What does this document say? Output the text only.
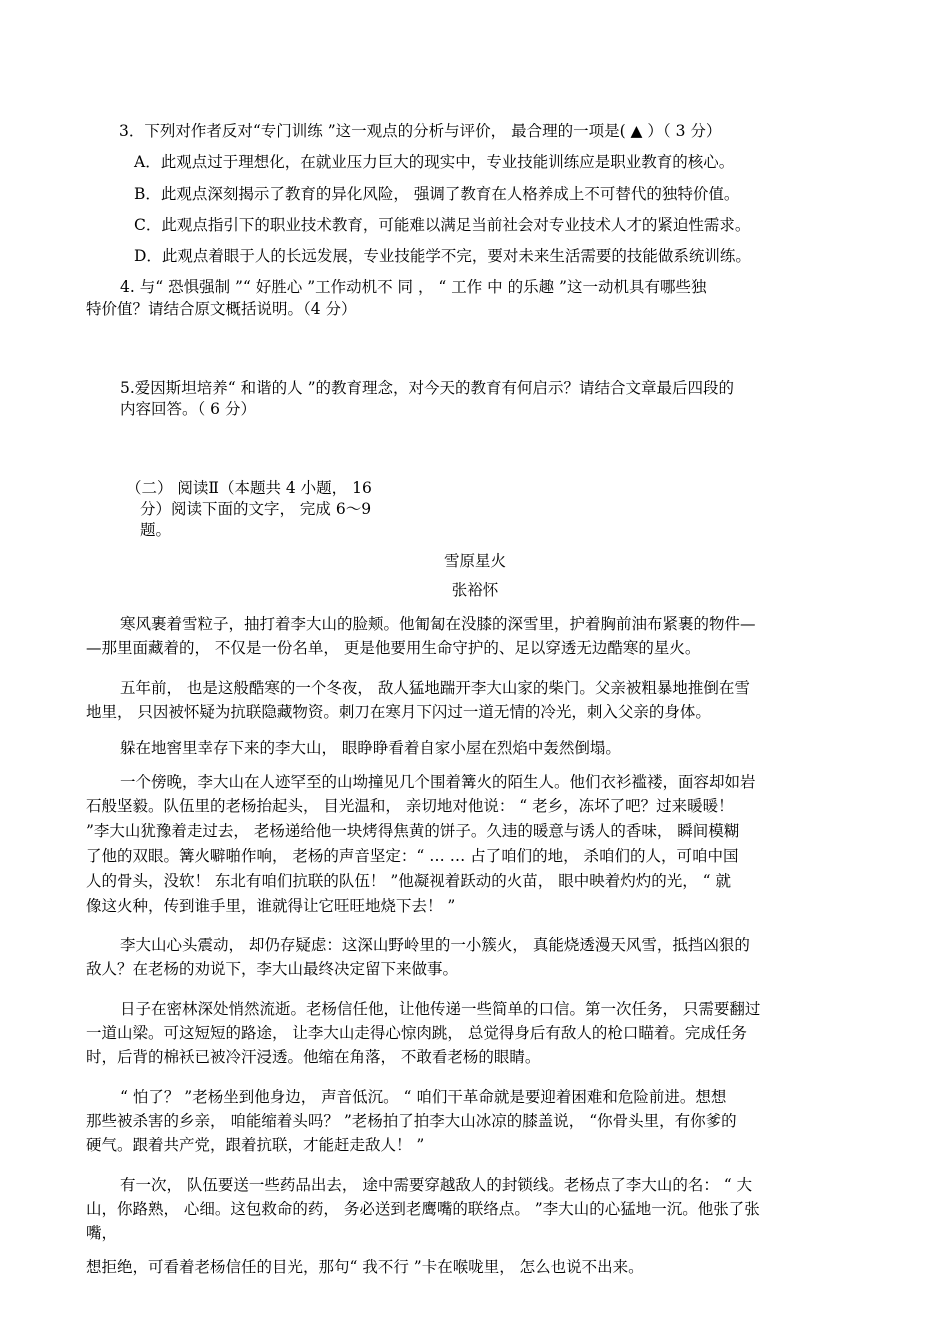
3．下列对作者反对“专门训练 ”这一观点的分析与评价， 最合理的一项是( ▲ ）（ 3 分）
A．此观点过于理想化，在就业压力巨大的现实中，专业技能训练应是职业教育的核心。
B．此观点深刻揭示了教育的异化风险， 强调了教育在人格养成上不可替代的独特价值。
C．此观点指引下的职业技术教育，可能难以满足当前社会对专业技术人才的紧迫性需求。
D．此观点着眼于人的长远发展，专业技能学不完，要对未来生活需要的技能做系统训练。
4. 与“ 恐惧强制 ”“ 好胜心 ”工作动机不 同 ， “ 工作 中 的乐趣 ”这一动机具有哪些独
特价值？请结合原文概括说明。（4 分）
5.爱因斯坦培养“ 和谐的人 ”的教育理念，对今天的教育有何启示？请结合文章最后四段的
内容回答。（ 6 分）
（二） 阅读Ⅱ（本题共 4 小题， 16
分）阅读下面的文字， 完成 6～9
题。
雪原星火
张裕怀
寒风裹着雪粒子，抽打着李大山的脸颊。他匍匐在没膝的深雪里，护着胸前油布紧裹的物件—
—那里面藏着的， 不仅是一份名单， 更是他要用生命守护的、足以穿透无边酷寒的星火。
五年前， 也是这般酷寒的一个冬夜， 敌人猛地踹开李大山家的柴门。父亲被粗暴地推倒在雪
地里， 只因被怀疑为抗联隐藏物资。刺刀在寒月下闪过一道无情的冷光，刺入父亲的身体。
躲在地窖里幸存下来的李大山， 眼睁睁看着自家小屋在烈焰中轰然倒塌。
一个傍晚，李大山在人迹罕至的山坳撞见几个围着篝火的陌生人。他们衣衫褴褛，面容却如岩
石般坚毅。队伍里的老杨抬起头， 目光温和， 亲切地对他说： “ 老乡，冻坏了吧？过来暖暖！
”李大山犹豫着走过去， 老杨递给他一块烤得焦黄的饼子。久违的暖意与诱人的香味， 瞬间模糊
了他的双眼。篝火噼啪作响， 老杨的声音坚定：“ … … 占了咱们的地， 杀咱们的人，可咱中国
人的骨头，没软！ 东北有咱们抗联的队伍！ ”他凝视着跃动的火苗， 眼中映着灼灼的光， “ 就
像这火种，传到谁手里，谁就得让它旺旺地烧下去！ ”
李大山心头震动， 却仍存疑虑：这深山野岭里的一小簇火， 真能烧透漫天风雪，抵挡凶狠的
敌人？在老杨的劝说下，李大山最终决定留下来做事。
日子在密林深处悄然流逝。老杨信任他，让他传递一些简单的口信。第一次任务， 只需要翻过
一道山梁。可这短短的路途， 让李大山走得心惊肉跳， 总觉得身后有敌人的枪口瞄着。完成任务
时，后背的棉袄已被冷汗浸透。他缩在角落， 不敢看老杨的眼睛。
“ 怕了？ ”老杨坐到他身边， 声音低沉。 “ 咱们干革命就是要迎着困难和危险前进。想想
那些被杀害的乡亲， 咱能缩着头吗？ ”老杨拍了拍李大山冰凉的膝盖说， “你骨头里，有你爹的
硬气。跟着共产党，跟着抗联，才能赶走敌人！ ”
有一次， 队伍要送一些药品出去， 途中需要穿越敌人的封锁线。老杨点了李大山的名： “ 大
山，你路熟， 心细。这包救命的药， 务必送到老鹰嘴的联络点。 ”李大山的心猛地一沉。他张了张
嘴，
想拒绝，可看着老杨信任的目光，那句“ 我不行 ”卡在喉咙里， 怎么也说不出来。
